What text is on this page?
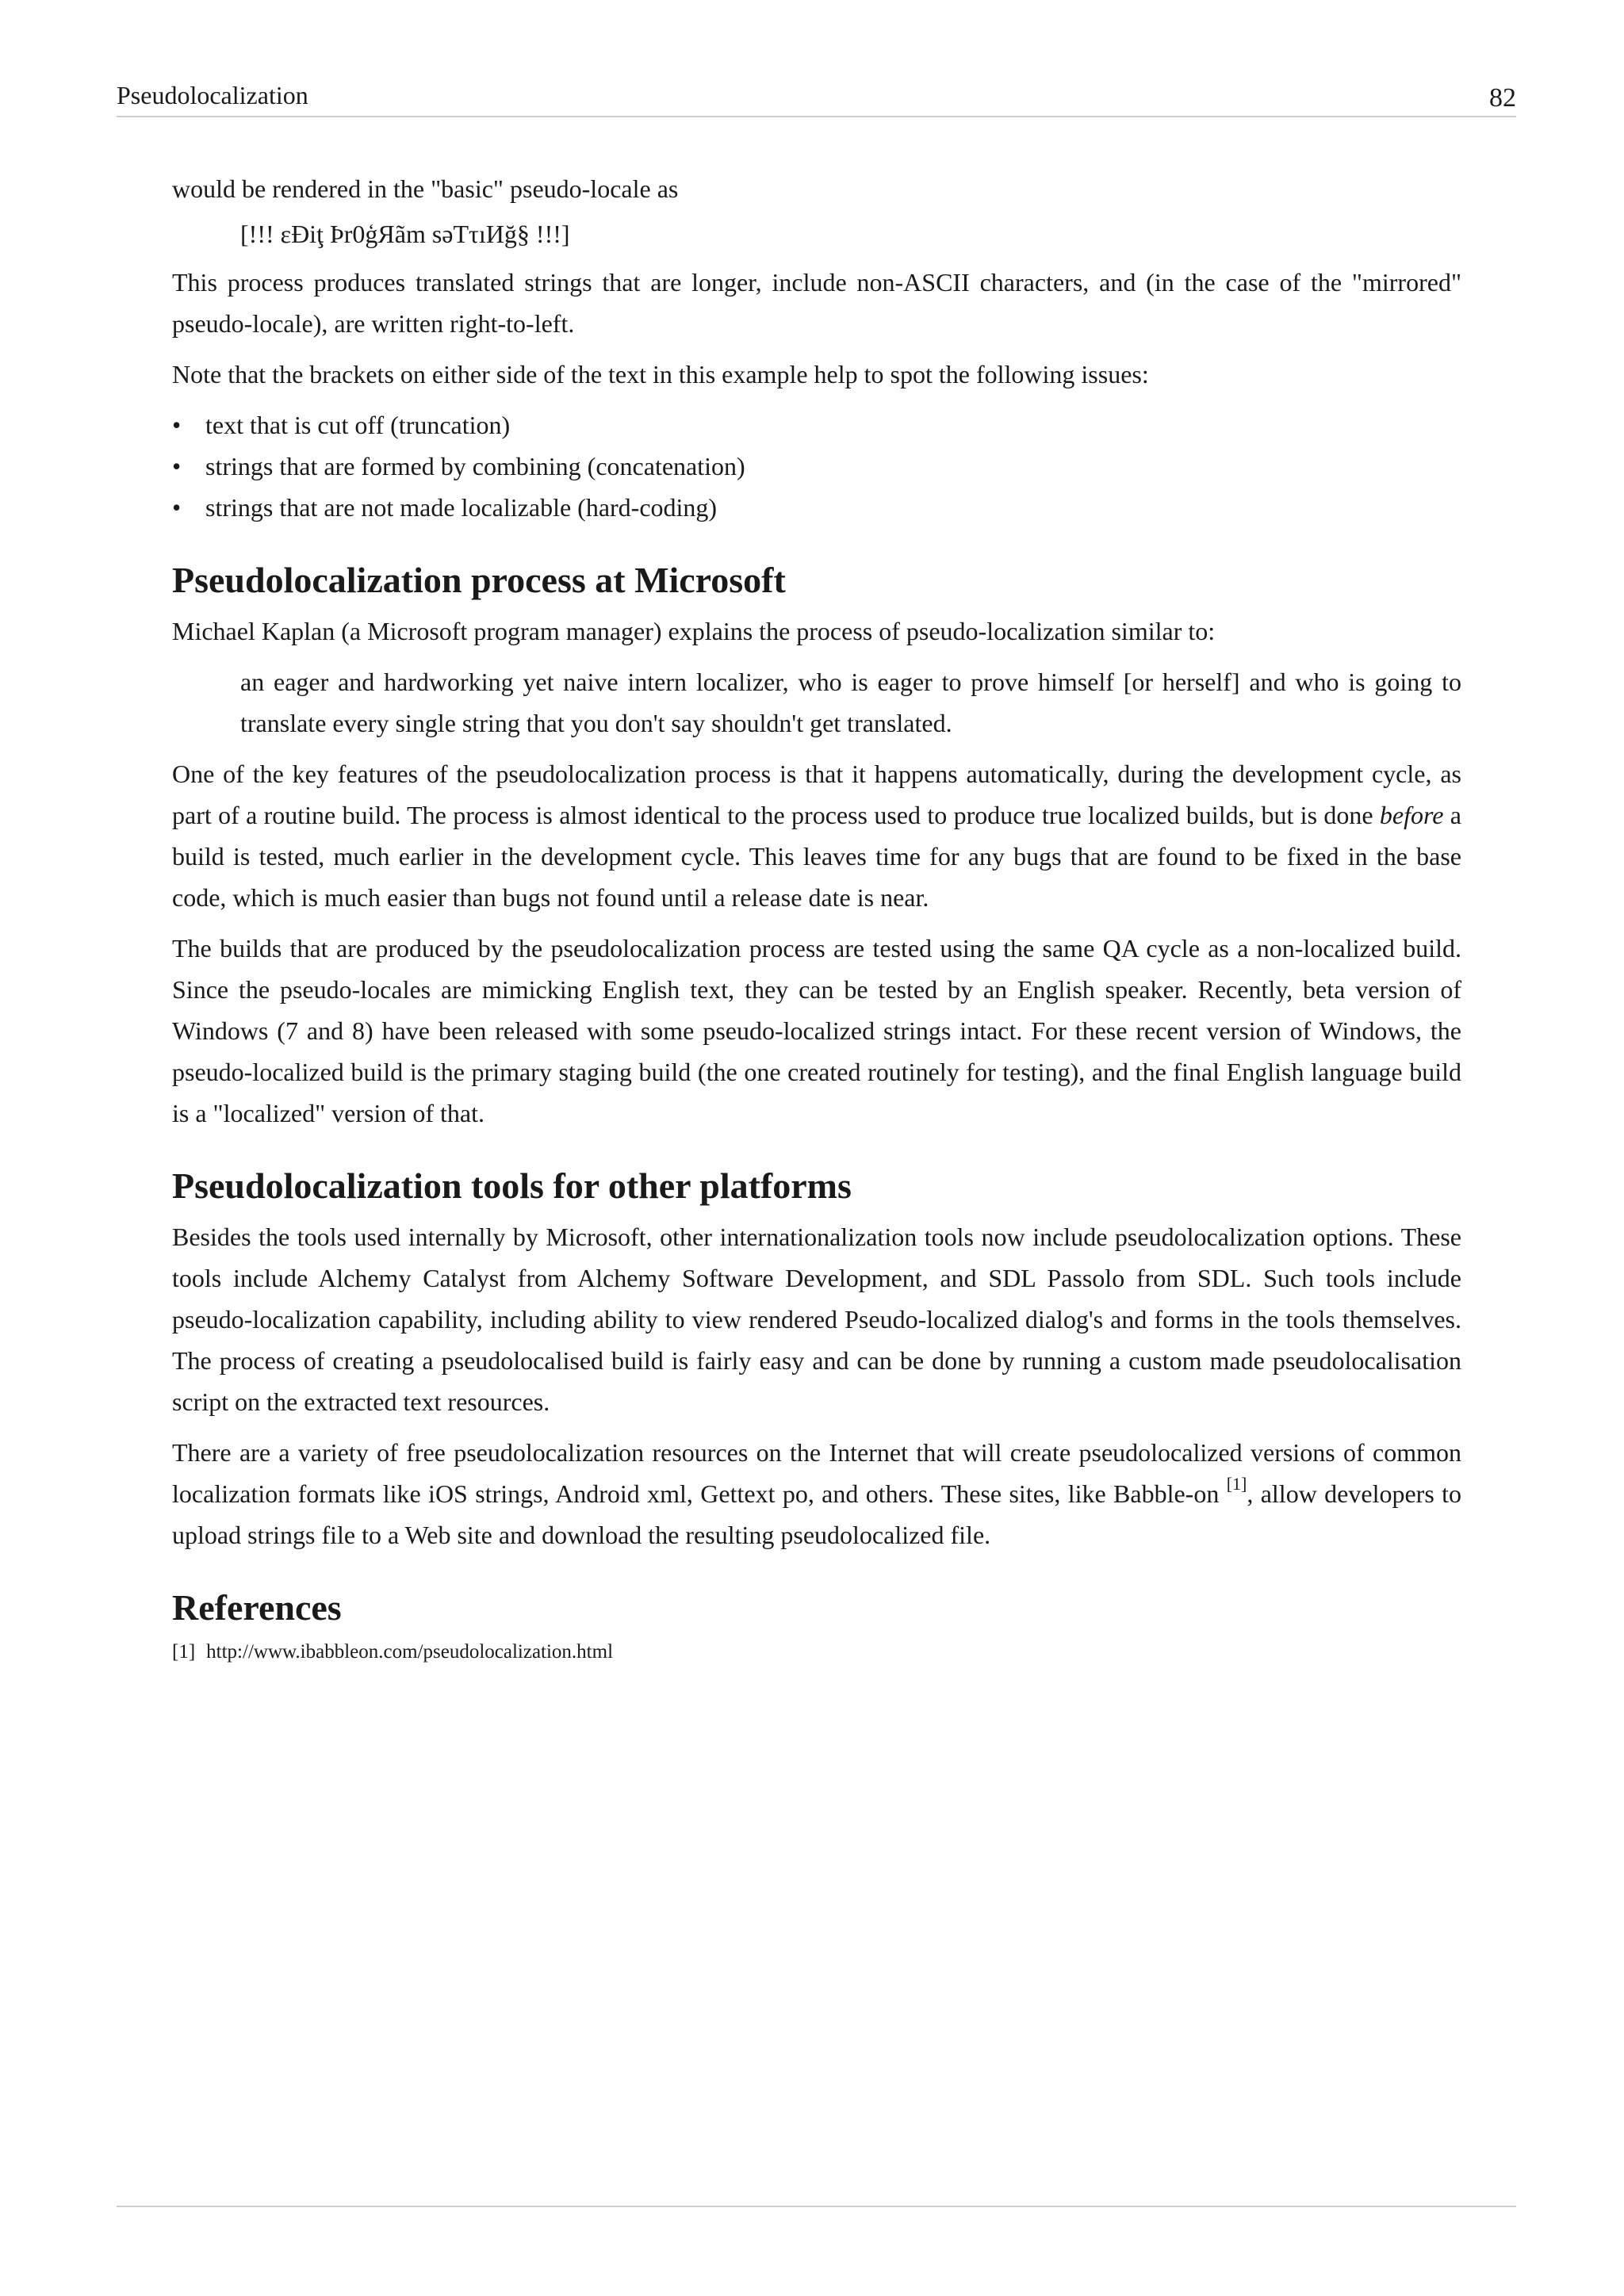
Pseudolocalization	82

would be rendered in the "basic" pseudo-locale as

[!!! εÐiţ Þr0ģЯãm səTτıИğ§ !!!]

This process produces translated strings that are longer, include non-ASCII characters, and (in the case of the "mirrored" pseudo-locale), are written right-to-left.

Note that the brackets on either side of the text in this example help to spot the following issues:

• text that is cut off (truncation)
• strings that are formed by combining (concatenation)
• strings that are not made localizable (hard-coding)
Pseudolocalization process at Microsoft

Michael Kaplan (a Microsoft program manager) explains the process of pseudo-localization similar to:

an eager and hardworking yet naive intern localizer, who is eager to prove himself [or herself] and who is going to translate every single string that you don't say shouldn't get translated.

One of the key features of the pseudolocalization process is that it happens automatically, during the development cycle, as part of a routine build. The process is almost identical to the process used to produce true localized builds, but is done before a build is tested, much earlier in the development cycle. This leaves time for any bugs that are found to be fixed in the base code, which is much easier than bugs not found until a release date is near.

The builds that are produced by the pseudolocalization process are tested using the same QA cycle as a non-localized build. Since the pseudo-locales are mimicking English text, they can be tested by an English speaker. Recently, beta version of Windows (7 and 8) have been released with some pseudo-localized strings intact. For these recent version of Windows, the pseudo-localized build is the primary staging build (the one created routinely for testing), and the final English language build is a "localized" version of that.

Pseudolocalization tools for other platforms

Besides the tools used internally by Microsoft, other internationalization tools now include pseudolocalization options. These tools include Alchemy Catalyst from Alchemy Software Development, and SDL Passolo from SDL. Such tools include pseudo-localization capability, including ability to view rendered Pseudo-localized dialog's and forms in the tools themselves. The process of creating a pseudolocalised build is fairly easy and can be done by running a custom made pseudolocalisation script on the extracted text resources.

There are a variety of free pseudolocalization resources on the Internet that will create pseudolocalized versions of common localization formats like iOS strings, Android xml, Gettext po, and others. These sites, like Babble-on [1], allow developers to upload strings file to a Web site and download the resulting pseudolocalized file.

References
[1] http://www.ibabbleon.com/pseudolocalization.html
